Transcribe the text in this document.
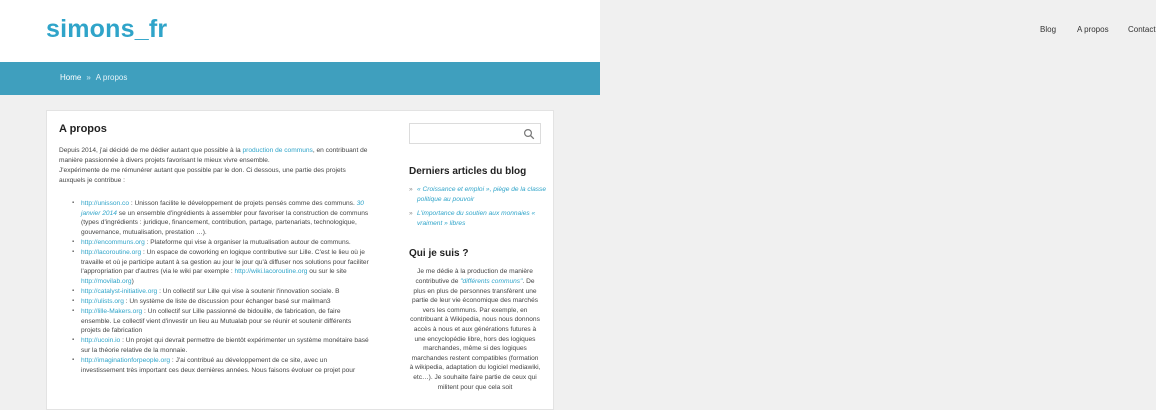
simons_fr	Blog	A propos Contact
Home » A propos
A propos

Depuis 2014, j'ai décidé de me dédier autant que possible à la production de communs, en contribuant de manière passionnée à divers projets favorisant le mieux vivre ensemble.

J'expérimente de me rémunérer autant que possible par le don. Ci dessous, une partie des projets auxquels je contribue :

▪ http://unisson.co : Unisson facilite le développement de projets pensés comme des communs. 30 janvier 2014 se un ensemble d'ingrédients à assembler pour favoriser la construction de communs (types d'ingrédients : juridique, financement, contribution, partage, partenariats, technologique, gouvernance, mutualisation, prestation …).
▪ http://encommuns.org : Plateforme qui vise à organiser la mutualisation autour de communs.
▪ http://lacoroutine.org : Un espace de coworking en logique contributive sur Lille. C'est le lieu où je travaille et où je participe autant à sa gestion au jour le jour qu'à diffuser nos solutions pour faciliter l'appropriation par d'autres (via le wiki par exemple : http://wiki.lacoroutine.org ou sur le site http://movilab.org)
▪ http://catalyst-initiative.org : Un collectif sur Lille qui vise à soutenir l'innovation sociale. B
▪ http://ulists.org : Un système de liste de discussion pour échanger basé sur mailman3
▪ http://lille-Makers.org : Un collectif sur Lille passionné de bidouille, de fabrication, de faire ensemble. Le collectif vient d'investir un lieu au Mutualab pour se réunir et soutenir différents projets de fabrication
▪ http://ucoin.io : Un projet qui devrait permettre de bientôt expérimenter un système monétaire basé sur la théorie relative de la monnaie.
▪ http://imaginationforpeople.org : J'ai contribué au développement de ce site, avec un investissement très important ces deux dernières années. Nous faisons évoluer ce projet pour
Derniers articles du blog
» « Croissance et emploi », piège de la classe politique au pouvoir
» L'importance du soutien aux monnaies « vraiment » libres
Qui je suis ?

Je me dédie à la production de manière contributive de "différents communs". De plus en plus de personnes transfèrent une partie de leur vie économique des marchés vers les communs. Par exemple, en contribuant à Wikipedia, nous nous donnons accès à nous et aux générations futures à une encyclopédie libre, hors des logiques marchandes, même si des logiques marchandes restent compatibles (formation à wikipedia, adaptation du logiciel mediawiki, etc…). Je souhaite faire partie de ceux qui militent pour que cela soit
